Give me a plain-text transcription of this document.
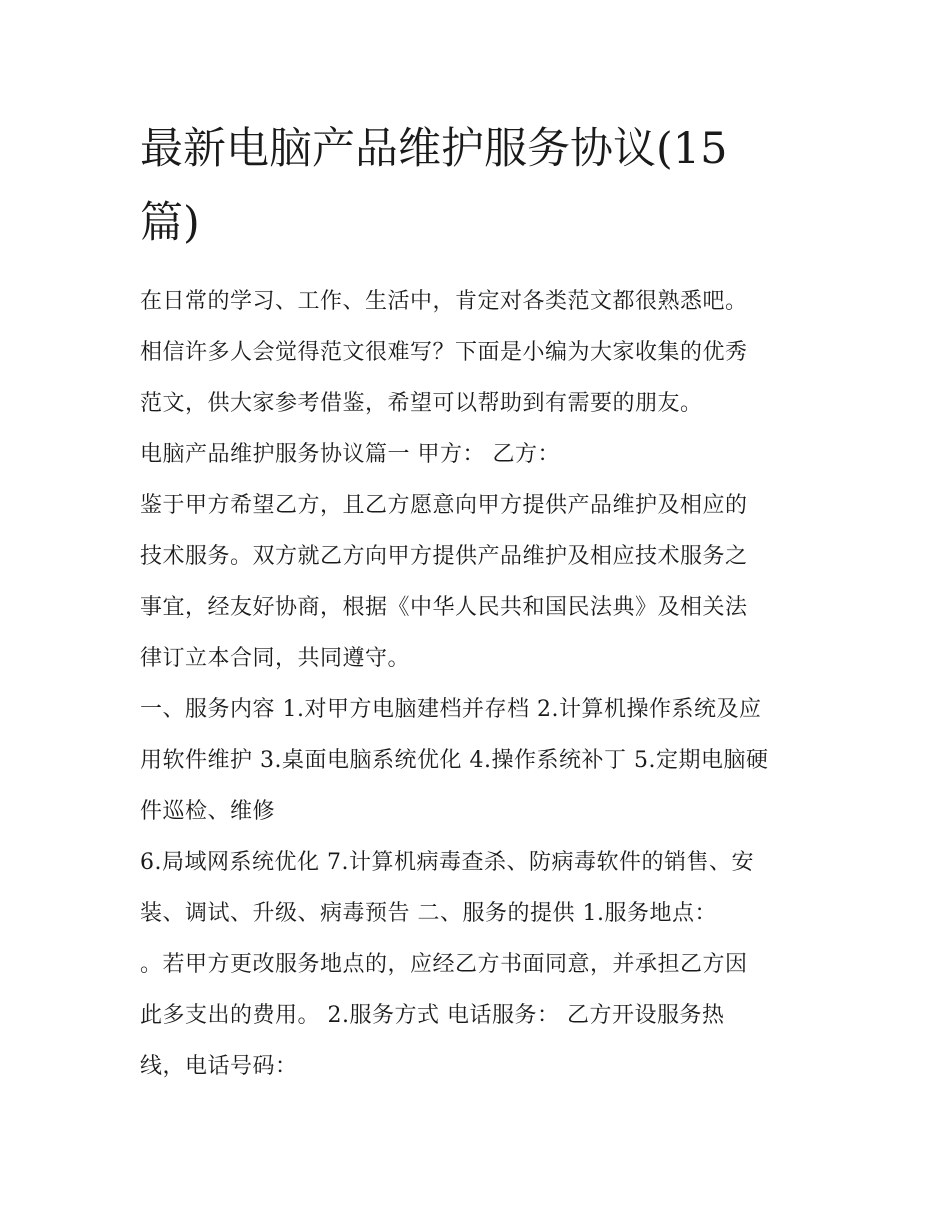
最新电脑产品维护服务协议(15
篇)
在日常的学习、工作、生活中，肯定对各类范文都很熟悉吧。
相信许多人会觉得范文很难写？下面是小编为大家收集的优秀
范文，供大家参考借鉴，希望可以帮助到有需要的朋友。
电脑产品维护服务协议篇一 甲方： 乙方：
鉴于甲方希望乙方，且乙方愿意向甲方提供产品维护及相应的
技术服务。双方就乙方向甲方提供产品维护及相应技术服务之
事宜，经友好协商，根据《中华人民共和国民法典》及相关法
律订立本合同，共同遵守。
一、服务内容 1.对甲方电脑建档并存档 2.计算机操作系统及应
用软件维护 3.桌面电脑系统优化 4.操作系统补丁 5.定期电脑硬
件巡检、维修
6.局域网系统优化 7.计算机病毒查杀、防病毒软件的销售、安
装、调试、升级、病毒预告 二、服务的提供 1.服务地点：
。若甲方更改服务地点的，应经乙方书面同意，并承担乙方因
此多支出的费用。 2.服务方式 电话服务： 乙方开设服务热
线，电话号码：
